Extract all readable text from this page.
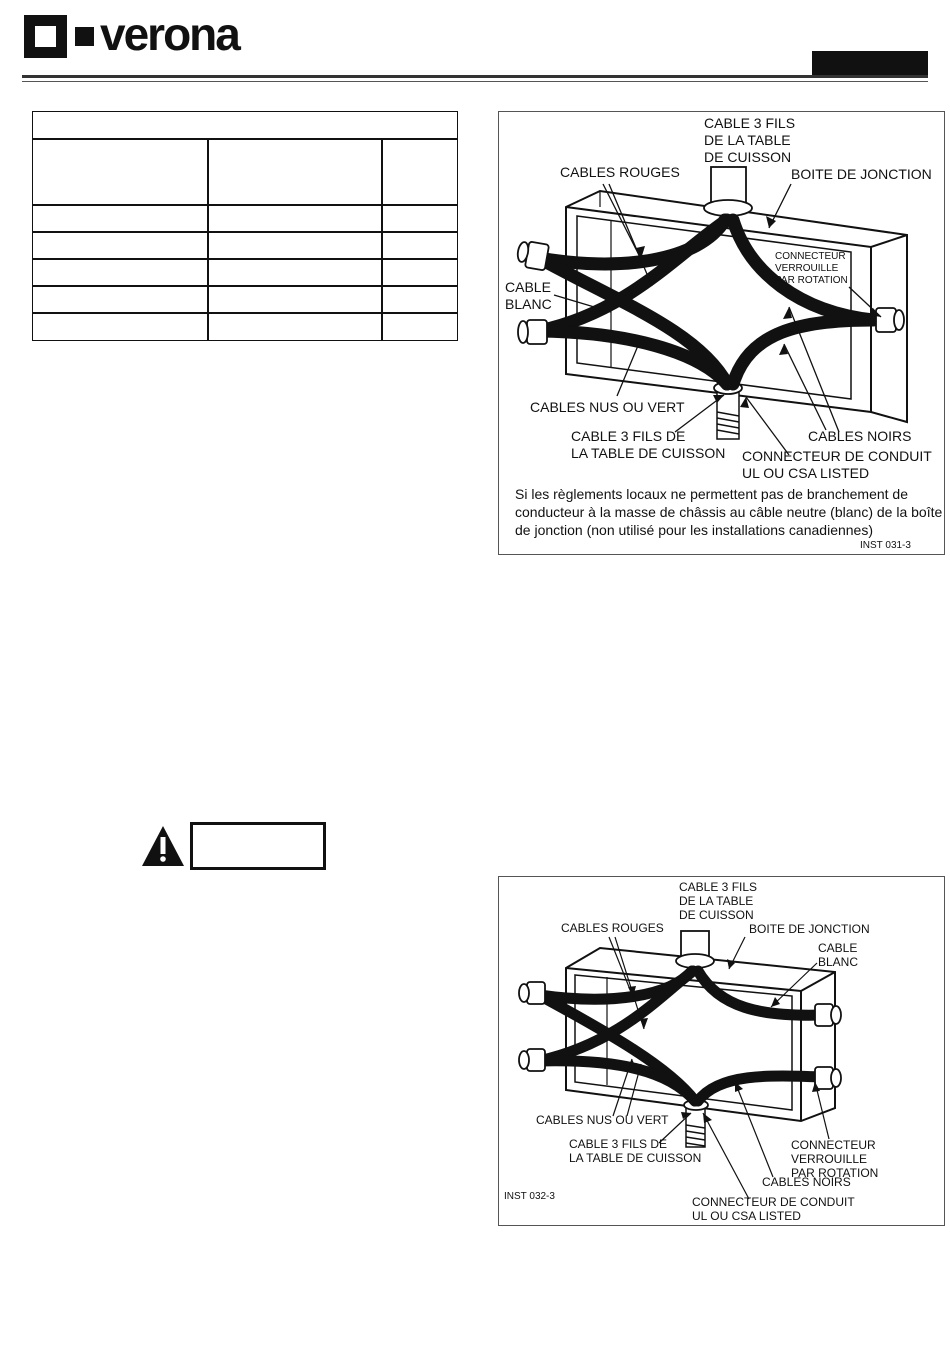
verona
CABLE 3 FILS
DE LA TABLE
DE CUISSON
CABLES ROUGES	BOITE DE JONCTION
CONNECTEUR
VERROUILLE
PAR ROTATION
CABLE
BLANC
CABLES NUS OU VERT
CABLE 3 FILS DE
LA TABLE DE CUISSON
CABLES NOIRS
CONNECTEUR DE CONDUIT
UL OU CSA LISTED
Si les règlements locaux ne permettent pas de branchement de conducteur à la masse de châssis au câble neutre (blanc) de la boîte de jonction (non utilisé pour les installations canadiennes)
INST 031-3
CABLE 3 FILS
DE LA TABLE
DE CUISSON
CABLES ROUGES	BOITE DE JONCTION
CABLE
BLANC
CABLES NUS OU VERT
CABLE 3 FILS DE
LA TABLE DE CUISSON
CONNECTEUR VERROUILLE
PAR ROTATION
CABLES NOIRS
CONNECTEUR DE CONDUIT
UL OU CSA LISTED
INST 032-3
